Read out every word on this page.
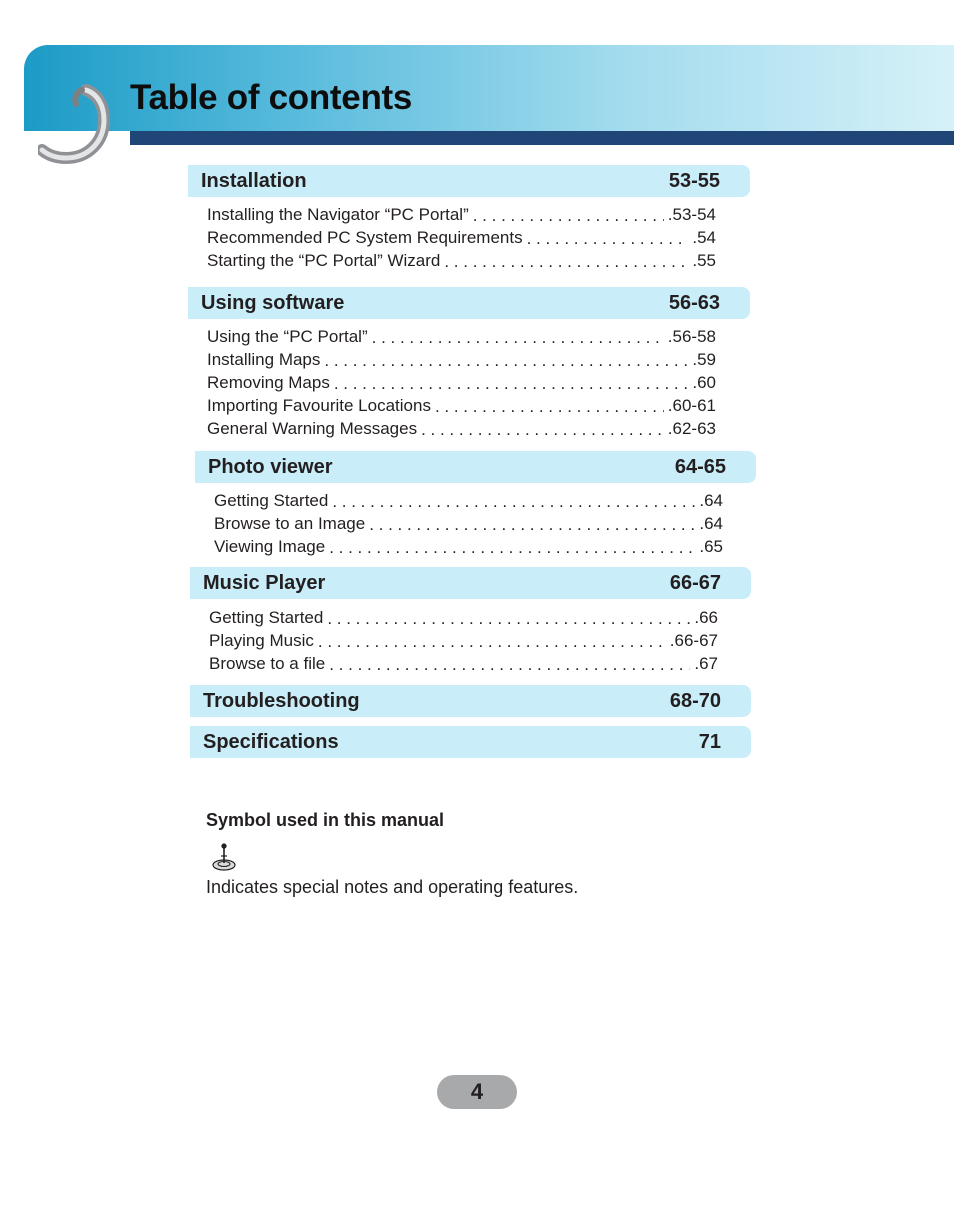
Table of contents
Installation	53-55
Installing the Navigator “PC Portal” . . .	.53-54
Recommended PC System Requirements . . .	.54
Starting the “PC Portal” Wizard . . .	.55
Using software	56-63
Using the “PC Portal” . . .	.56-58
Installing Maps . . .	.59
Removing Maps . . .	.60
Importing Favourite Locations . . .	.60-61
General Warning Messages . . .	.62-63
Photo viewer	64-65
Getting Started . . .	.64
Browse to an Image . . .	.64
Viewing Image . . .	.65
Music Player	66-67
Getting Started . . .	.66
Playing Music . . .	.66-67
Browse to a file . . .	.67
Troubleshooting	68-70
Specifications	71
Symbol used in this manual

Indicates special notes and operating features.

4
